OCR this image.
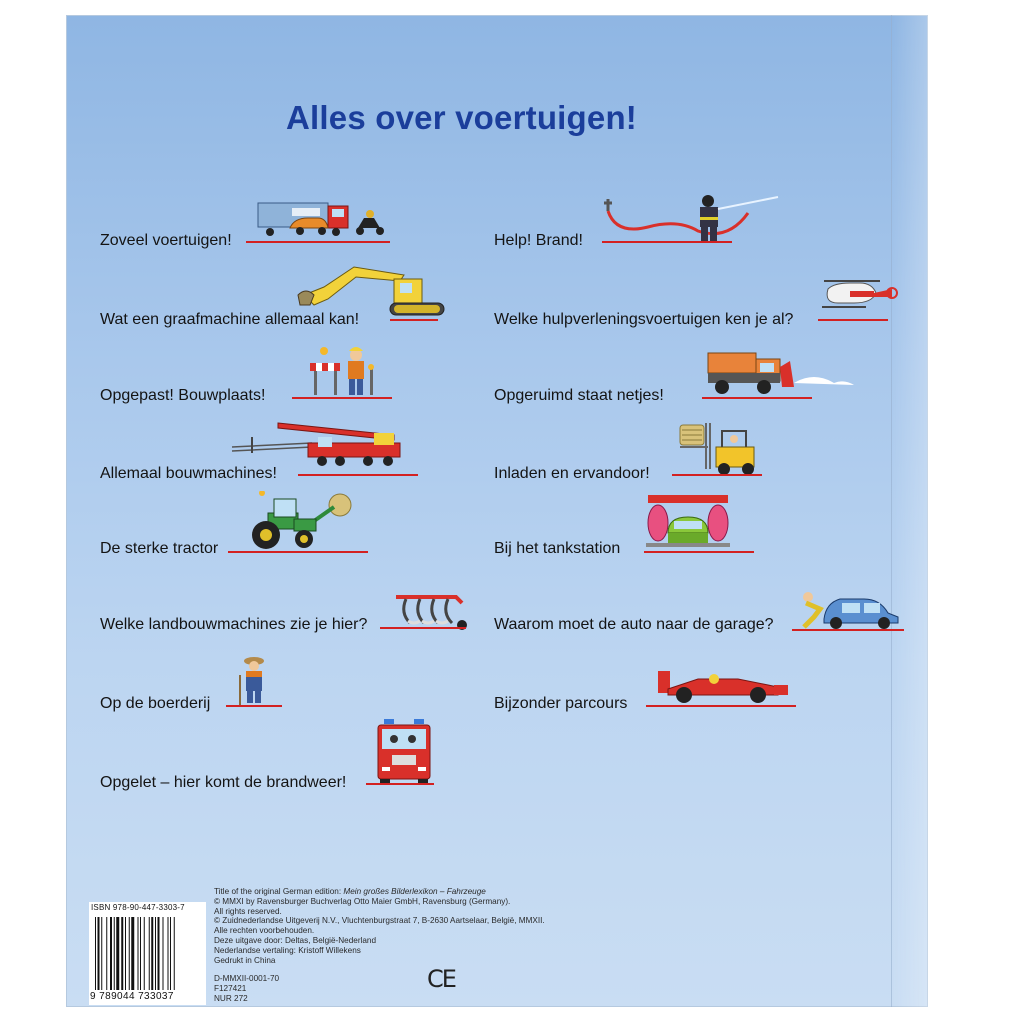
Alles over voertuigen!
Zoveel voertuigen!
Wat een graafmachine allemaal kan!
Opgepast! Bouwplaats!
Allemaal bouwmachines!
De sterke tractor
Welke landbouwmachines zie je hier?
Op de boerderij
Opgelet – hier komt de brandweer!
Help! Brand!
Welke hulpverleningsvoertuigen ken je al?
Opgeruimd staat netjes!
Inladen en ervandoor!
Bij het tankstation
Waarom moet de auto naar de garage?
Bijzonder parcours
Title of the original German edition: Mein großes Bilderlexikon – Fahrzeuge
© MMXI by Ravensburger Buchverlag Otto Maier GmbH, Ravensburg (Germany).
All rights reserved.
© Zuidnederlandse Uitgeverij N.V., Vluchtenburgstraat 7, B-2630 Aartselaar, België, MMXII.
Alle rechten voorbehouden.
Deze uitgave door: Deltas, België-Nederland
Nederlandse vertaling: Kristoff Willekens
Gedrukt in China
D-MMXII-0001-70
F127421
NUR 272
ISBN 978-90-447-3303-7
9 789044 733037
CE
